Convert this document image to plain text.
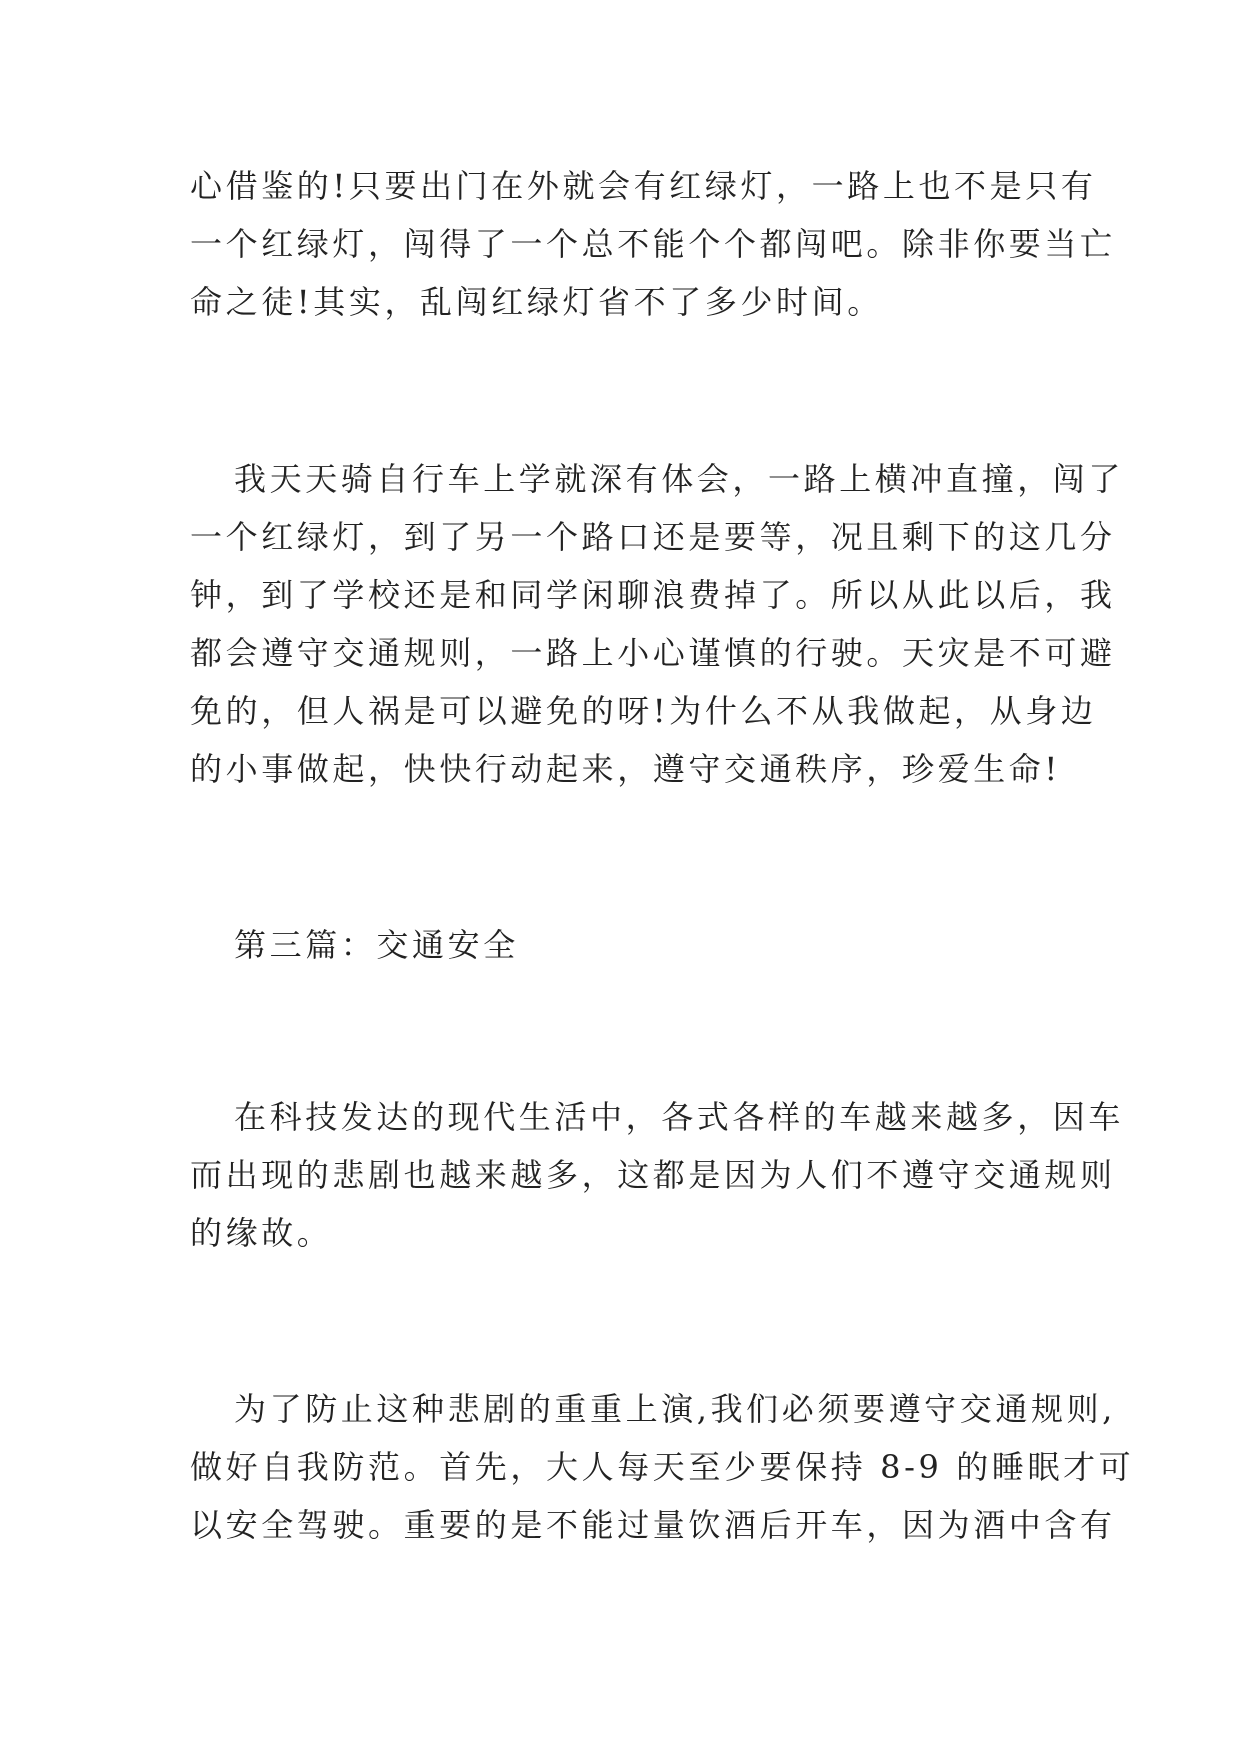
心借鉴的!只要出门在外就会有红绿灯，一路上也不是只有
一个红绿灯，闯得了一个总不能个个都闯吧。除非你要当亡
命之徒!其实，乱闯红绿灯省不了多少时间。
我天天骑自行车上学就深有体会，一路上横冲直撞，闯了
一个红绿灯，到了另一个路口还是要等，况且剩下的这几分
钟，到了学校还是和同学闲聊浪费掉了。所以从此以后，我
都会遵守交通规则，一路上小心谨慎的行驶。天灾是不可避
免的，但人祸是可以避免的呀!为什么不从我做起，从身边
的小事做起，快快行动起来，遵守交通秩序，珍爱生命!
第三篇：交通安全
在科技发达的现代生活中，各式各样的车越来越多，因车
而出现的悲剧也越来越多，这都是因为人们不遵守交通规则
的缘故。
为了防止这种悲剧的重重上演,我们必须要遵守交通规则,
做好自我防范。首先，大人每天至少要保持 8-9 的睡眠才可
以安全驾驶。重要的是不能过量饮酒后开车，因为酒中含有
